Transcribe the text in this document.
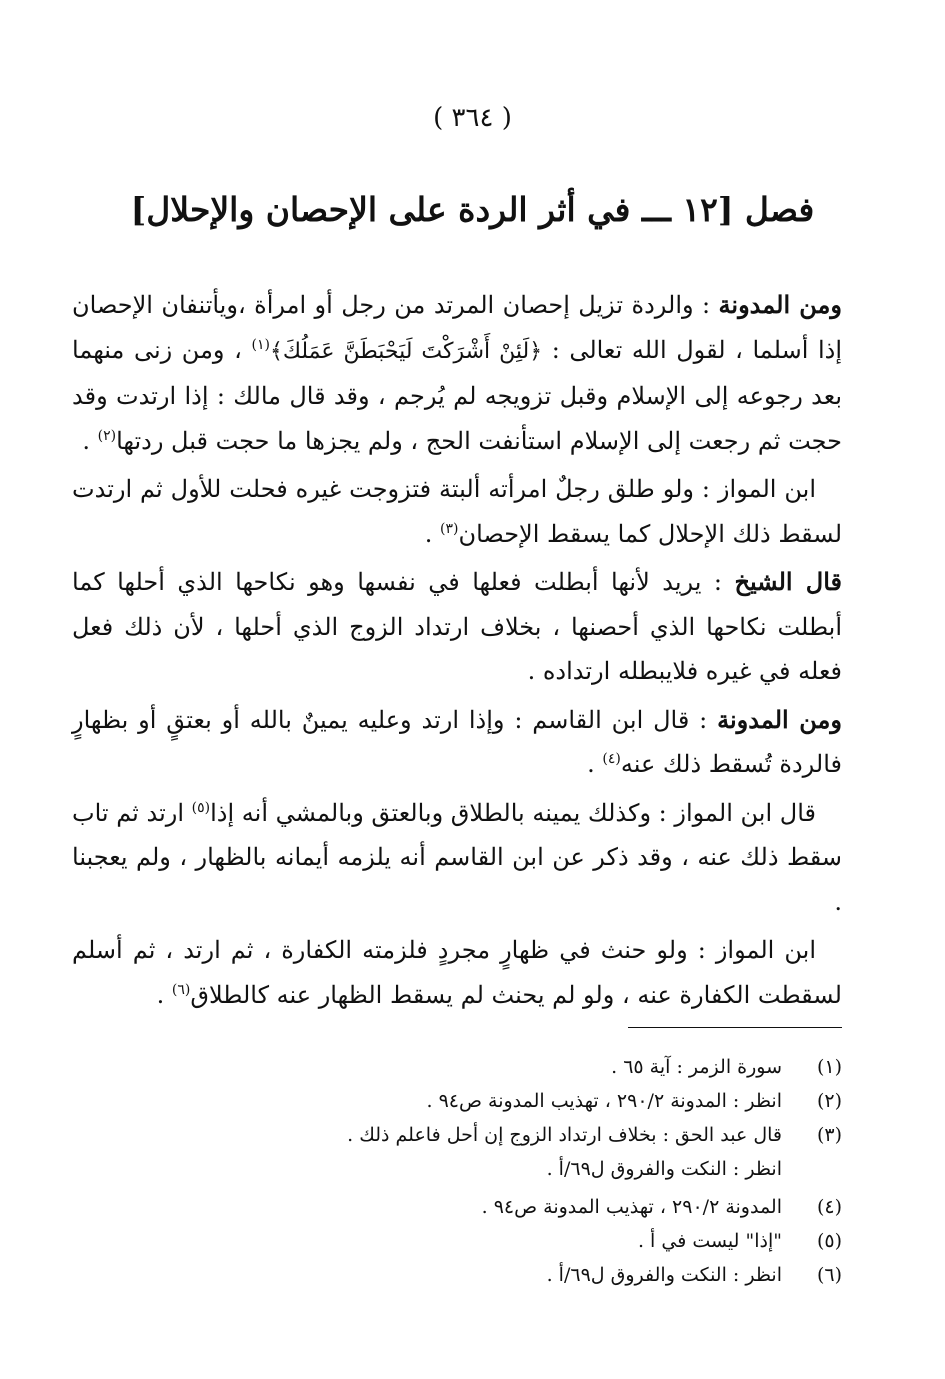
( ٣٦٤ )
فصل [١٢ ـــ في أثر الردة على الإحصان والإحلال]

ومن المدونة : والردة تزيل إحصان المرتد من رجل أو امرأة ،ويأتنفان الإحصان إذا أسلما ، لقول الله تعالى : ﴿لَئِنْ أَشْرَكْتَ لَيَحْبَطَنَّ عَمَلُكَ﴾$^{(١)}$ ، ومن زنى منهما بعد رجوعه إلى الإسلام وقبل تزويجه لم يُرجم ، وقد قال مالك : إذا ارتدت وقد حجت ثم رجعت إلى الإسلام استأنفت الحج ، ولم يجزها ما حجت قبل ردتها$^{(٢)}$ .

ابن المواز : ولو طلق رجلٌ امرأته ألبتة فتزوجت غيره فحلت للأول ثم ارتدت لسقط ذلك الإحلال كما يسقط الإحصان$^{(٣)}$ .

قال الشيخ : يريد لأنها أبطلت فعلها في نفسها وهو نكاحها الذي أحلها كما أبطلت نكاحها الذي أحصنها ، بخلاف ارتداد الزوج الذي أحلها ، لأن ذلك فعل فعله في غيره فلايبطله ارتداده .

ومن المدونة : قال ابن القاسم : وإذا ارتد وعليه يمينٌ بالله أو بعتقٍ أو بظهارٍ فالردة تُسقط ذلك عنه$^{(٤)}$ .

قال ابن المواز : وكذلك يمينه بالطلاق وبالعتق وبالمشي أنه إذا$^{(٥)}$ ارتد ثم تاب سقط ذلك عنه ، وقد ذكر عن ابن القاسم أنه يلزمه أيمانه بالظهار ، ولم يعجبنا .

ابن المواز : ولو حنث في ظهارٍ مجردٍ فلزمته الكفارة ، ثم ارتد ، ثم أسلم لسقطت الكفارة عنه ، ولو لم يحنث لم يسقط الظهار عنه كالطلاق$^{(٦)}$ .

(١)
سورة الزمر : آية ٦٥ .
(٢)
انظر : المدونة ٢٩٠/٢ ، تهذيب المدونة ص٩٤ .
(٣)
قال عبد الحق : بخلاف ارتداد الزوج إن أحل فاعلم ذلك .
انظر : النكت والفروق ل٦٩/أ .
(٤)
المدونة ٢٩٠/٢ ، تهذيب المدونة ص٩٤ .
(٥)
"إذا" ليست في أ .
(٦)
انظر : النكت والفروق ل٦٩/أ .
